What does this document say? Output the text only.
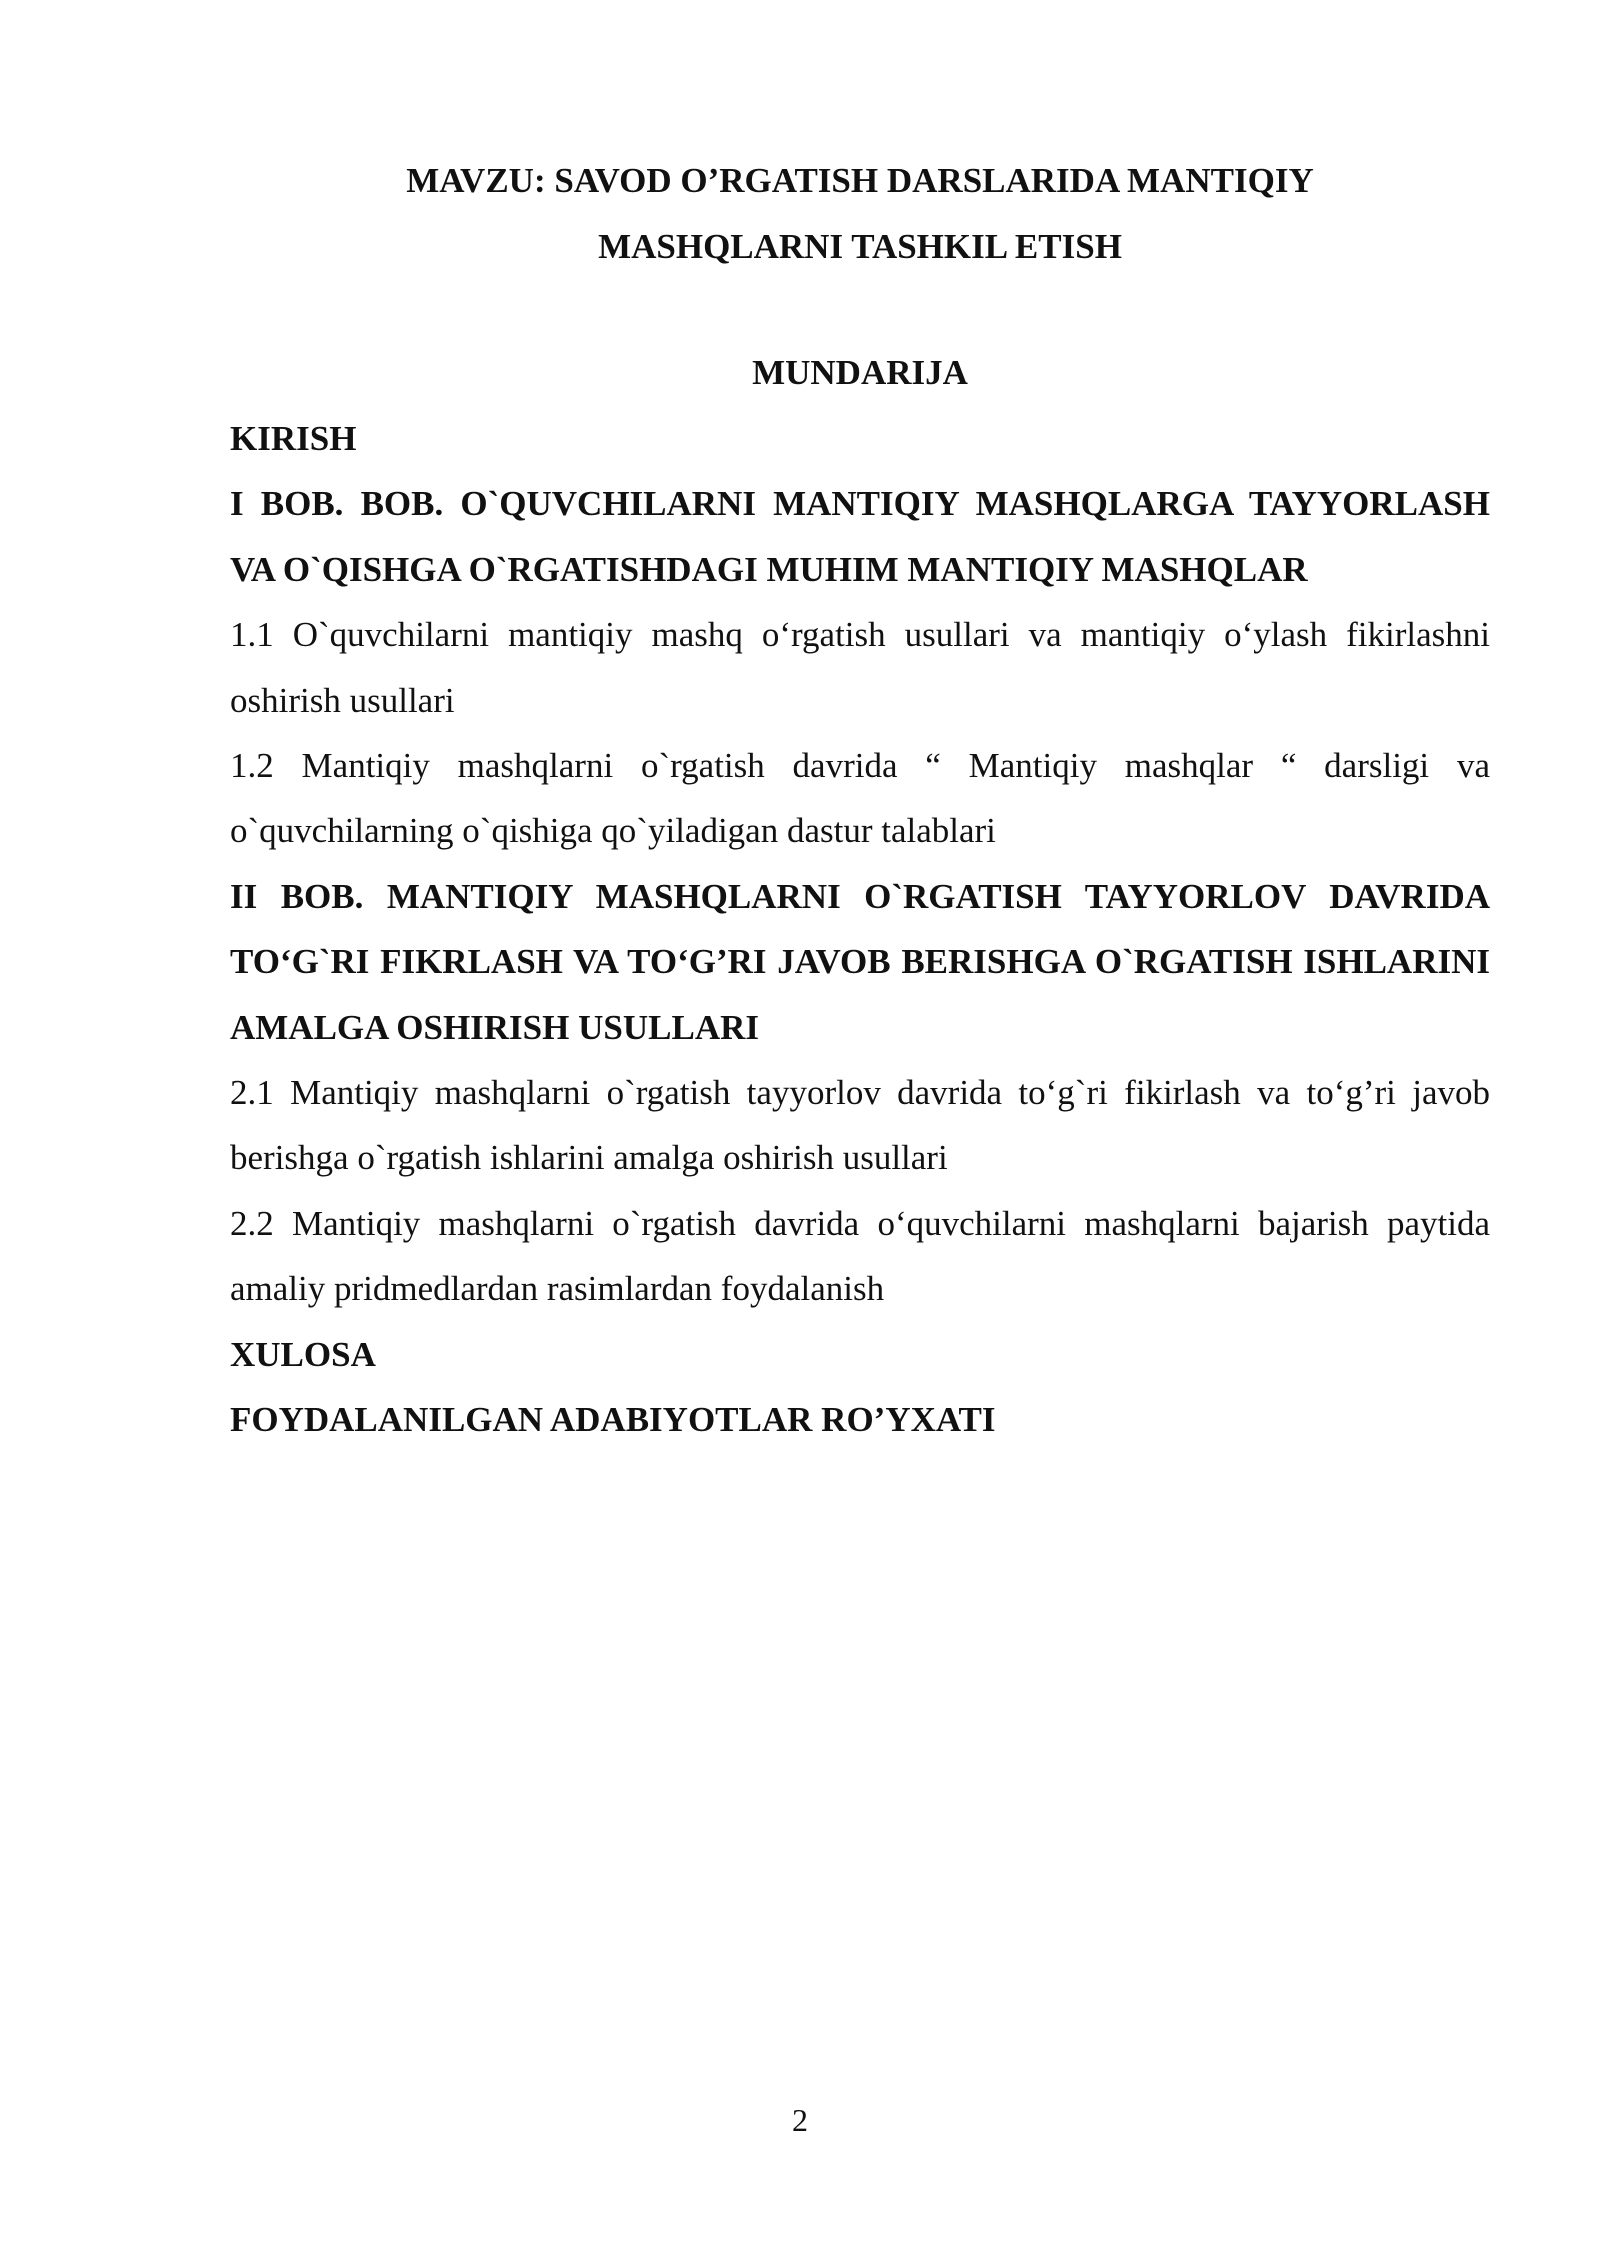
MAVZU: SAVOD O’RGATISH DARSLARIDA MANTIQIY
MASHQLARNI TASHKIL ETISH
MUNDARIJA

KIRISH

I BOB. BOB. O`QUVCHILARNI MANTIQIY MASHQLARGA TAYYORLASH VA O`QISHGA O`RGATISHDAGI MUHIM MANTIQIY MASHQLAR

1.1 O`quvchilarni mantiqiy mashq o‘rgatish usullari va mantiqiy o‘ylash fikirlashni oshirish usullari

1.2 Mantiqiy mashqlarni o`rgatish davrida “ Mantiqiy mashqlar “ darsligi va o`quvchilarning o`qishiga qo`yiladigan dastur talablari

II BOB. MANTIQIY MASHQLARNI O`RGATISH TAYYORLOV DAVRIDA TO‘G`RI FIKRLASH VA TO‘G’RI JAVOB BERISHGA O`RGATISH ISHLARINI AMALGA OSHIRISH USULLARI

2.1 Mantiqiy mashqlarni o`rgatish tayyorlov davrida to‘g`ri fikirlash va to‘g’ri javob berishga o`rgatish ishlarini amalga oshirish usullari

2.2 Mantiqiy mashqlarni o`rgatish davrida o‘quvchilarni mashqlarni bajarish paytida amaliy pridmedlardan rasimlardan foydalanish

XULOSA

FOYDALANILGAN ADABIYOTLAR RO’YXATI

2
